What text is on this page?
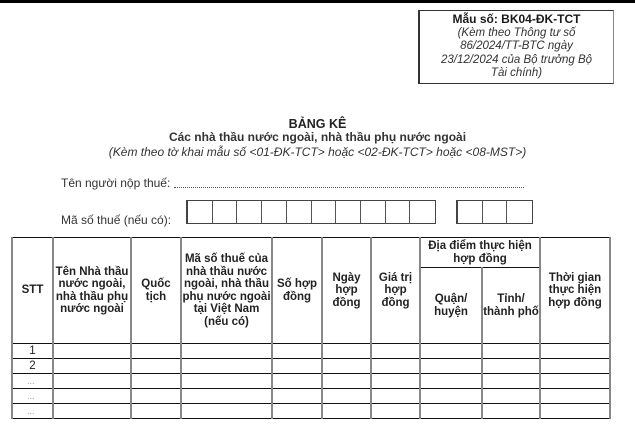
Mẫu số: BK04-ĐK-TCT
(Kèm theo Thông tư số
86/2024/TT-BTC ngày
23/12/2024 của Bộ trưởng Bộ
Tài chính)
BẢNG KÊ
Các nhà thầu nước ngoài, nhà thầu phụ nước ngoài
(Kèm theo tờ khai mẫu số <01-ĐK-TCT> hoặc <02-ĐK-TCT> hoặc <08-MST>)
Tên người nộp thuế:
Mã số thuế (nếu có):
STT	Tên Nhà thầu nước ngoài, nhà thầu phụ nước ngoài	Quốc tịch	Mã số thuế của nhà thầu nước ngoài, nhà thầu phụ nước ngoài tại Việt Nam (nếu có)	Số hợp đồng	Ngày hợp đồng	Giá trị hợp đồng	Địa điểm thực hiện hợp đồng		Thời gian thực hiện hợp đồng
							Quận/ huyện	Tỉnh/ thành phố	
1									
2									
...									
...									
...									
